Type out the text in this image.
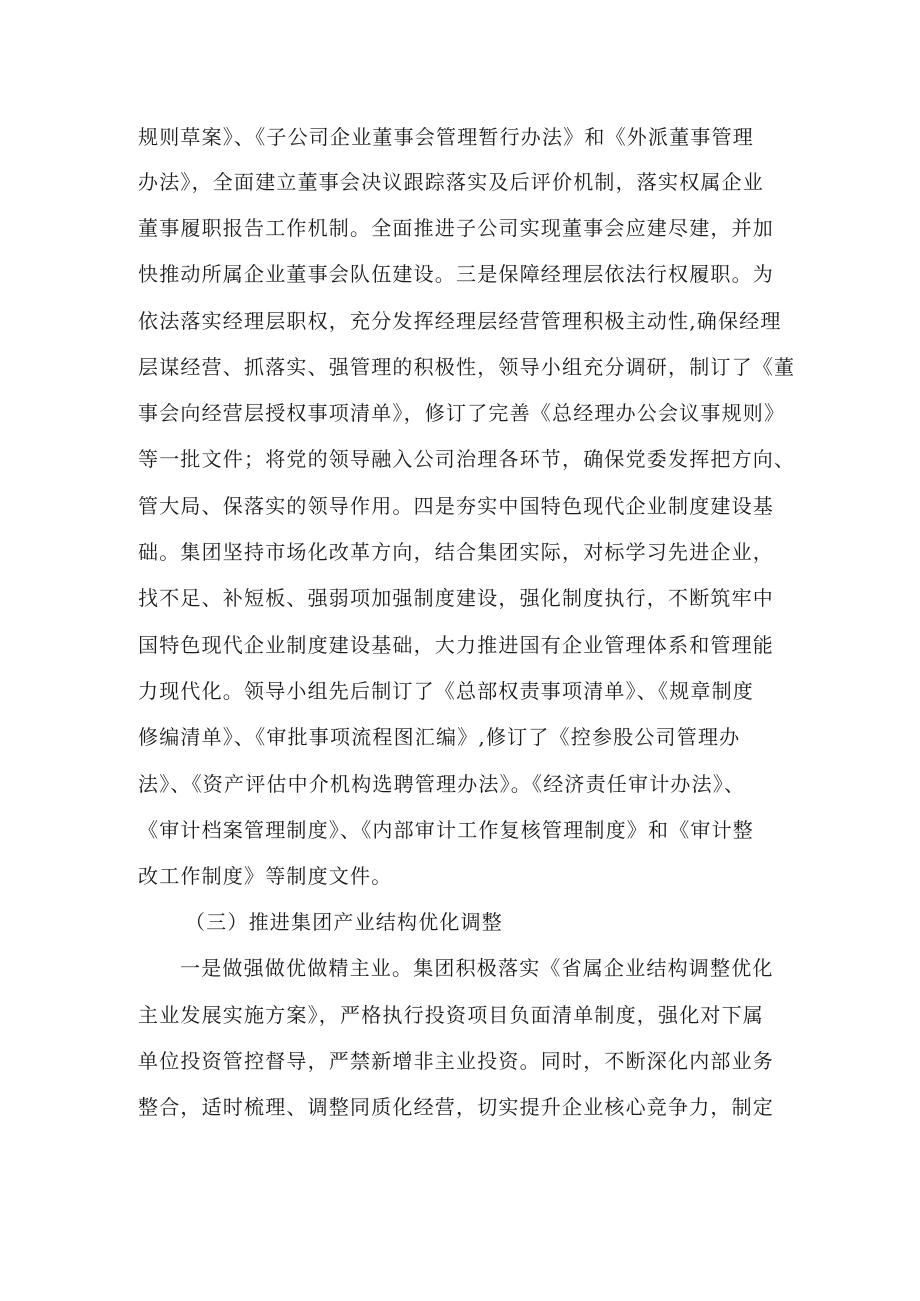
规则草案》、《子公司企业董事会管理暂行办法》和《外派董事管理
办法》，全面建立董事会决议跟踪落实及后评价机制，落实权属企业
董事履职报告工作机制。全面推进子公司实现董事会应建尽建，并加
快推动所属企业董事会队伍建设。三是保障经理层依法行权履职。为
依法落实经理层职权，充分发挥经理层经营管理积极主动性,确保经理
层谋经营、抓落实、强管理的积极性，领导小组充分调研，制订了《董
事会向经营层授权事项清单》，修订了完善《总经理办公会议事规则》
等一批文件；将党的领导融入公司治理各环节，确保党委发挥把方向、
管大局、保落实的领导作用。四是夯实中国特色现代企业制度建设基
础。集团坚持市场化改革方向，结合集团实际，对标学习先进企业，
找不足、补短板、强弱项加强制度建设，强化制度执行，不断筑牢中
国特色现代企业制度建设基础，大力推进国有企业管理体系和管理能
力现代化。领导小组先后制订了《总部权责事项清单》、《规章制度
修编清单》、《审批事项流程图汇编》,修订了《控参股公司管理办
法》、《资产评估中介机构选聘管理办法》。《经济责任审计办法》、
《审计档案管理制度》、《内部审计工作复核管理制度》和《审计整
改工作制度》等制度文件。
（三）推进集团产业结构优化调整
一是做强做优做精主业。集团积极落实《省属企业结构调整优化
主业发展实施方案》，严格执行投资项目负面清单制度，强化对下属
单位投资管控督导，严禁新增非主业投资。同时，不断深化内部业务
整合，适时梳理、调整同质化经营，切实提升企业核心竞争力，制定
